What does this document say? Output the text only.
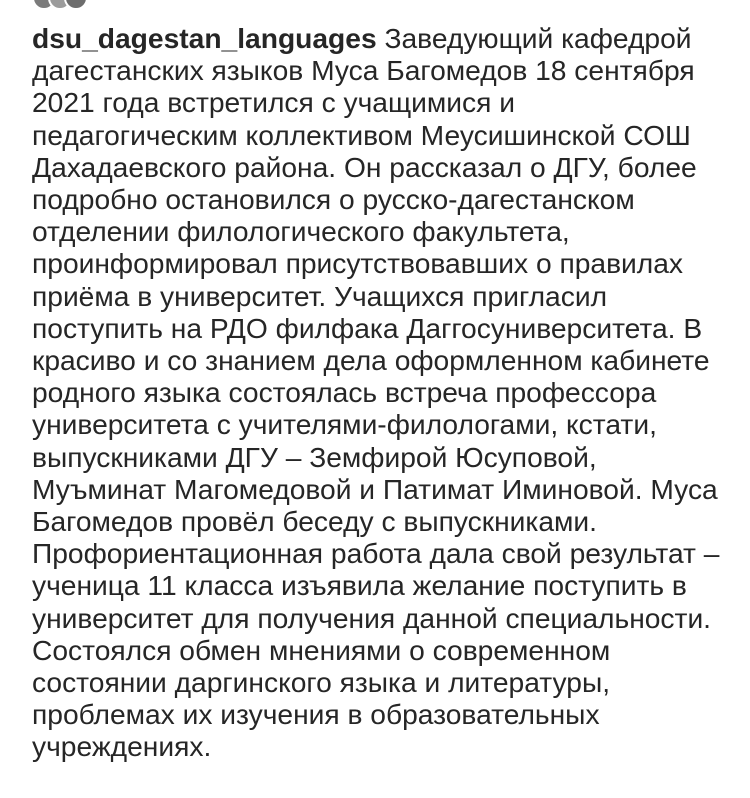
dsu_dagestan_languages Заведующий кафедрой дагестанских языков Муса Багомедов 18 сентября 2021 года встретился с учащимися и педагогическим коллективом Меусишинской СОШ Дахадаевского района. Он рассказал о ДГУ, более подробно остановился о русско-дагестанском отделении филологического факультета, проинформировал присутствовавших о правилах приёма в университет. Учащихся пригласил поступить на РДО филфака Даггосуниверситета. В красиво и со знанием дела оформленном кабинете родного языка состоялась встреча профессора университета с учителями-филологами, кстати, выпускниками ДГУ – Земфирой Юсуповой, Муъминат Магомедовой и Патимат Иминовой. Муса Багомедов провёл беседу с выпускниками. Профориентационная работа дала свой результат – ученица 11 класса изъявила желание поступить в университет для получения данной специальности. Состоялся обмен мнениями о современном состоянии даргинского языка и литературы, проблемах их изучения в образовательных учреждениях.
